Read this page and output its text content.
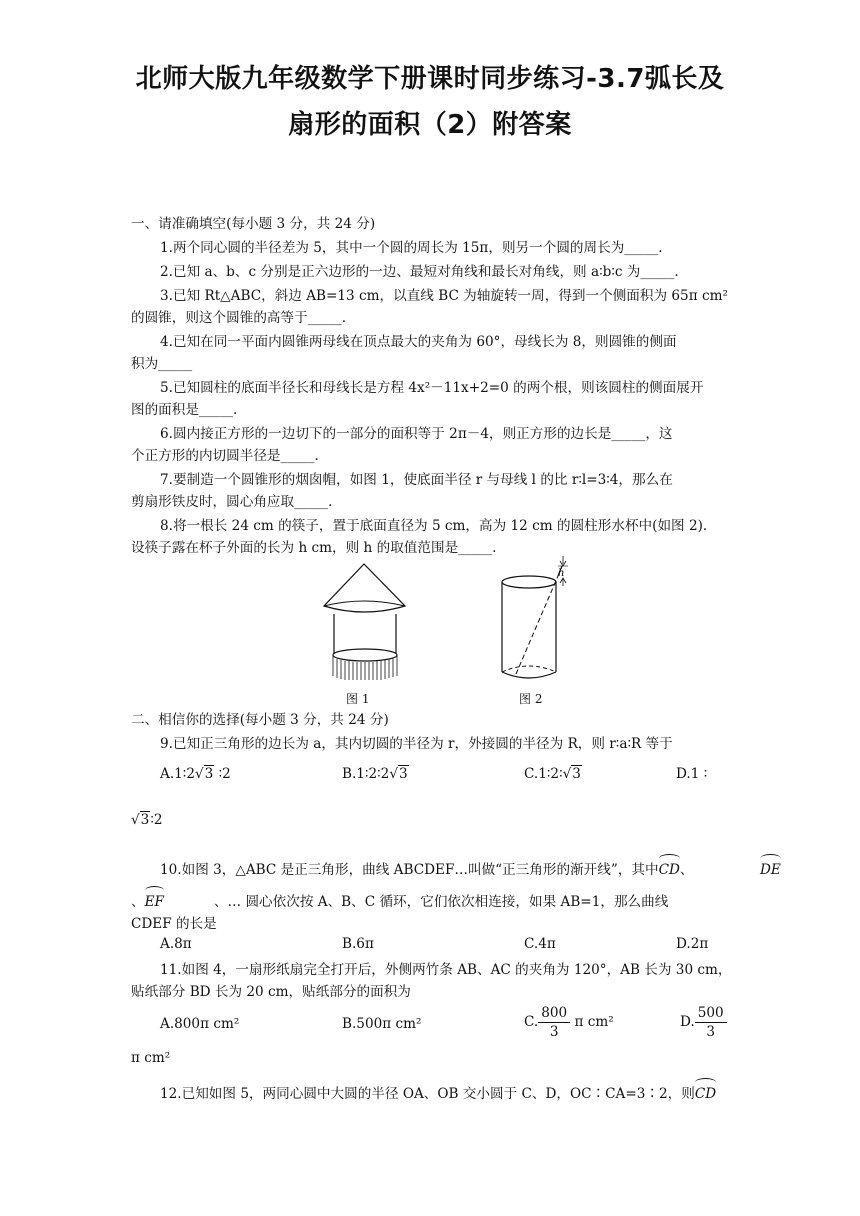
北师大版九年级数学下册课时同步练习-3.7弧长及
扇形的面积（2）附答案
一、请准确填空(每小题 3 分，共 24 分)
1.两个同心圆的半径差为 5，其中一个圆的周长为 15π，则另一个圆的周长为_____.
2.已知 a、b、c 分别是正六边形的一边、最短对角线和最长对角线，则 a∶b∶c 为_____.
3.已知 Rt△ABC，斜边 AB=13 cm，以直线 BC 为轴旋转一周，得到一个侧面积为 65π cm²
的圆锥，则这个圆锥的高等于_____.
4.已知在同一平面内圆锥两母线在顶点最大的夹角为 60°，母线长为 8，则圆锥的侧面
积为_____
5.已知圆柱的底面半径长和母线长是方程 4x²－11x+2=0 的两个根，则该圆柱的侧面展开
图的面积是_____.
6.圆内接正方形的一边切下的一部分的面积等于 2π－4，则正方形的边长是_____，这
个正方形的内切圆半径是_____.
7.要制造一个圆锥形的烟囱帽，如图 1，使底面半径 r 与母线 l 的比 r∶l=3∶4，那么在
剪扇形铁皮时，圆心角应取_____.
8.将一根长 24 cm 的筷子，置于底面直径为 5 cm，高为 12 cm 的圆柱形水杯中(如图 2).
设筷子露在杯子外面的长为 h cm，则 h 的取值范围是_____.
图 1
h
图 2
二、相信你的选择(每小题 3 分，共 24 分)
9.已知正三角形的边长为 a，其内切圆的半径为 r，外接圆的半径为 R，则 r∶a∶R 等于
A.1∶2√3 ∶2	B.1∶2∶2√3	C.1∶2∶√3	D.1 ∶
√3∶2
10.如图 3，△ABC 是正三角形，曲线 ABCDEF…叫做“正三角形的渐开线”，其中CD、	DE
、EF	、… 圆心依次按 A、B、C 循环，它们依次相连接，如果 AB=1，那么曲线
CDEF 的长是
A.8π	B.6π	C.4π	D.2π
11.如图 4，一扇形纸扇完全打开后，外侧两竹条 AB、AC 的夹角为 120°，AB 长为 30 cm，
贴纸部分 BD 长为 20 cm，贴纸部分的面积为
A.800π cm²	B.500π cm²	C. $\frac{800}{3}$ π cm²	D. $\frac{500}{3}$
π cm²
12.已知如图 5，两同心圆中大圆的半径 OA、OB 交小圆于 C、D，OC∶CA=3∶2，则CD
